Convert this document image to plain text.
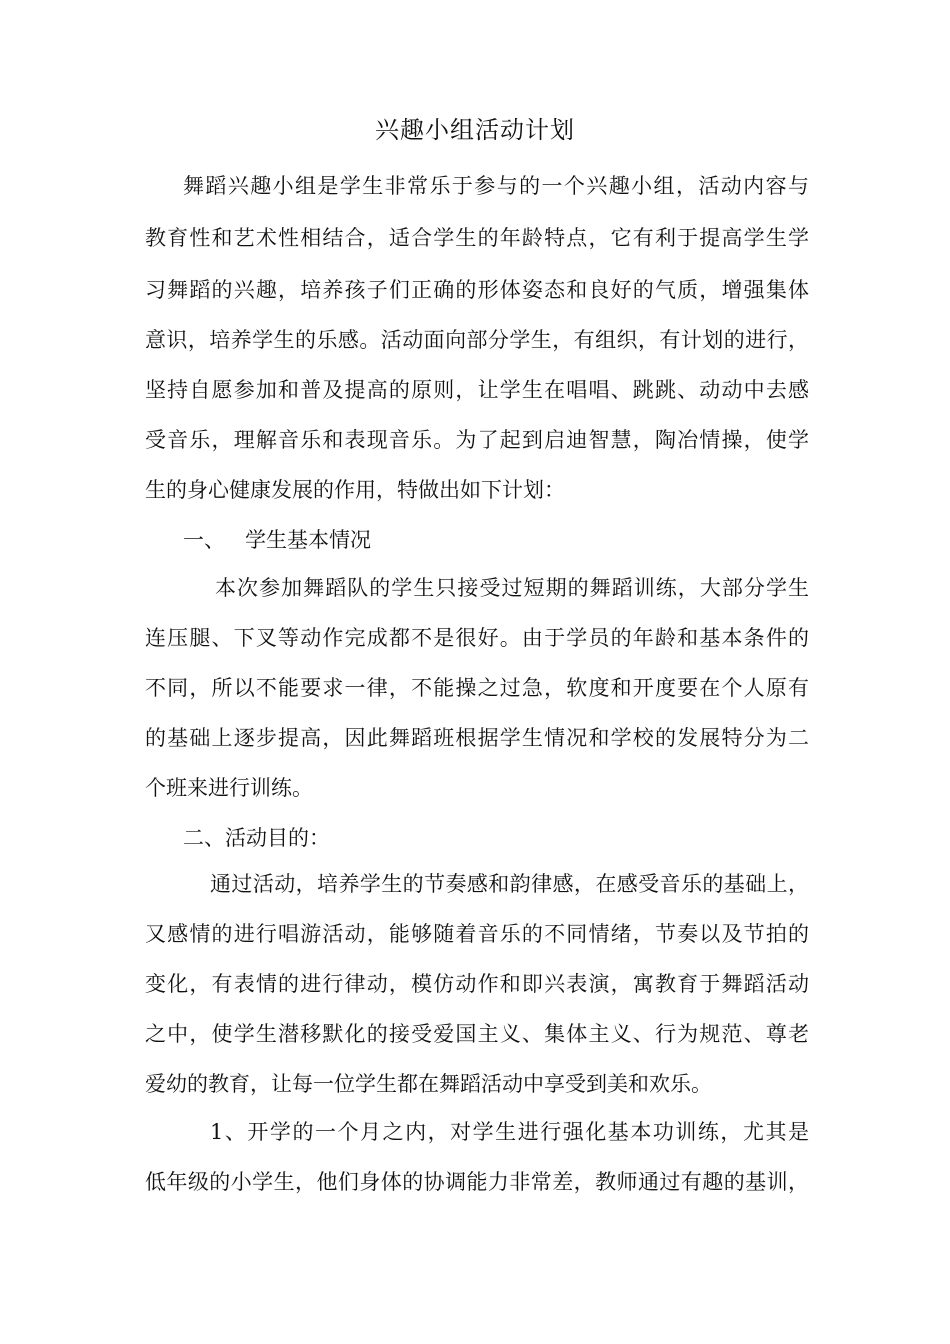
兴趣小组活动计划
舞蹈兴趣小组是学生非常乐于参与的一个兴趣小组，活动内容与
教育性和艺术性相结合，适合学生的年龄特点，它有利于提高学生学
习舞蹈的兴趣，培养孩子们正确的形体姿态和良好的气质，增强集体
意识，培养学生的乐感。活动面向部分学生，有组织，有计划的进行，
坚持自愿参加和普及提高的原则，让学生在唱唱、跳跳、动动中去感
受音乐，理解音乐和表现音乐。为了起到启迪智慧，陶冶情操，使学
生的身心健康发展的作用，特做出如下计划：
一、 学生基本情况
本次参加舞蹈队的学生只接受过短期的舞蹈训练，大部分学生
连压腿、下叉等动作完成都不是很好。由于学员的年龄和基本条件的
不同，所以不能要求一律，不能操之过急，软度和开度要在个人原有
的基础上逐步提高，因此舞蹈班根据学生情况和学校的发展特分为二
个班来进行训练。
二、活动目的：
通过活动，培养学生的节奏感和韵律感，在感受音乐的基础上，
又感情的进行唱游活动，能够随着音乐的不同情绪，节奏以及节拍的
变化，有表情的进行律动，模仿动作和即兴表演，寓教育于舞蹈活动
之中，使学生潜移默化的接受爱国主义、集体主义、行为规范、尊老
爱幼的教育，让每一位学生都在舞蹈活动中享受到美和欢乐。
1、开学的一个月之内，对学生进行强化基本功训练，尤其是
低年级的小学生，他们身体的协调能力非常差，教师通过有趣的基训，
